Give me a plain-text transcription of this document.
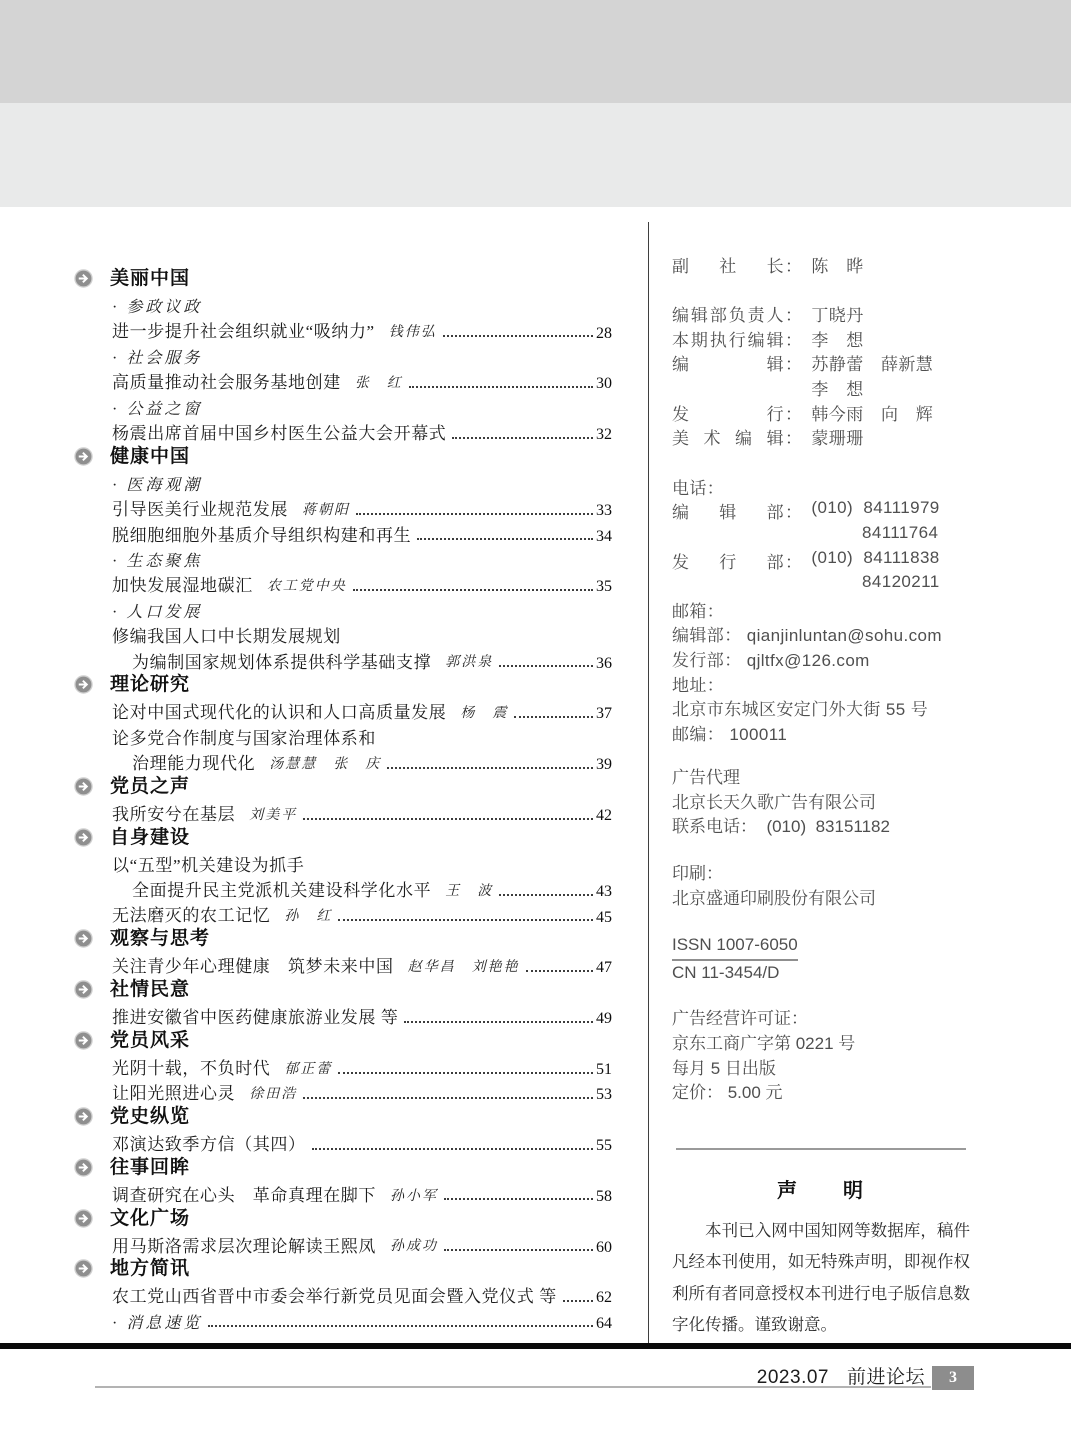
美丽中国
· 参政议政
进一步提升社会组织就业“吸纳力” 钱伟弘	28
· 社会服务
高质量推动社会服务基地创建 张　红	30
· 公益之窗
杨震出席首届中国乡村医生公益大会开幕式	32
健康中国
· 医海观潮
引导医美行业规范发展 蒋朝阳	33
脱细胞细胞外基质介导组织构建和再生	34
· 生态聚焦
加快发展湿地碳汇 农工党中央	35
· 人口发展
修编我国人口中长期发展规划
为编制国家规划体系提供科学基础支撑 郭洪泉	36
理论研究
论对中国式现代化的认识和人口高质量发展 杨　震	37
论多党合作制度与国家治理体系和
治理能力现代化 汤慧慧　张　庆	39
党员之声
我所安兮在基层 刘美平	42
自身建设
以“五型”机关建设为抓手
全面提升民主党派机关建设科学化水平 王　波	43
无法磨灭的农工记忆 孙　红	45
观察与思考
关注青少年心理健康　筑梦未来中国 赵华昌　刘艳艳	47
社情民意
推进安徽省中医药健康旅游业发展 等	49
党员风采
光阴十载，不负时代 郁正蕾	51
让阳光照进心灵 徐田浩	53
党史纵览
邓演达致季方信（其四）	55
往事回眸
调查研究在心头　革命真理在脚下 孙小军	58
文化广场
用马斯洛需求层次理论解读王熙凤 孙成功	60
地方简讯
农工党山西省晋中市委会举行新党员见面会暨入党仪式 等 62
· 消息速览	64
副社长 ： 陈　晔
编辑部负责人 ： 丁晓丹
本期执行编辑 ： 李　想
编辑 ： 苏静蕾　薛新慧
李　想
发行 ： 韩今雨　向　辉
美术编辑 ： 蒙珊珊
电话：
编辑部 ： (010)  84111979
84111764
发行部 ： (010)  84111838
84120211
邮箱：
编辑部： qianjinluntan@sohu.com
发行部： qjltfx@126.com
地址：
北京市东城区安定门外大街 55 号
邮编： 100011

广告代理

北京长天久歌广告有限公司

联系电话：  (010)  83151182

印刷：

北京盛通印刷股份有限公司

ISSN 1007-6050

CN 11-3454/D

广告经营许可证：

京东工商广字第 0221 号

每月 5 日出版

定价： 5.00 元

声　　明
本刊已入网中国知网等数据库，稿件凡经本刊使用，如无特殊声明，即视作权利所有者同意授权本刊进行电子版信息数字化传播。谨致谢意。
2023.07 前进论坛 3
